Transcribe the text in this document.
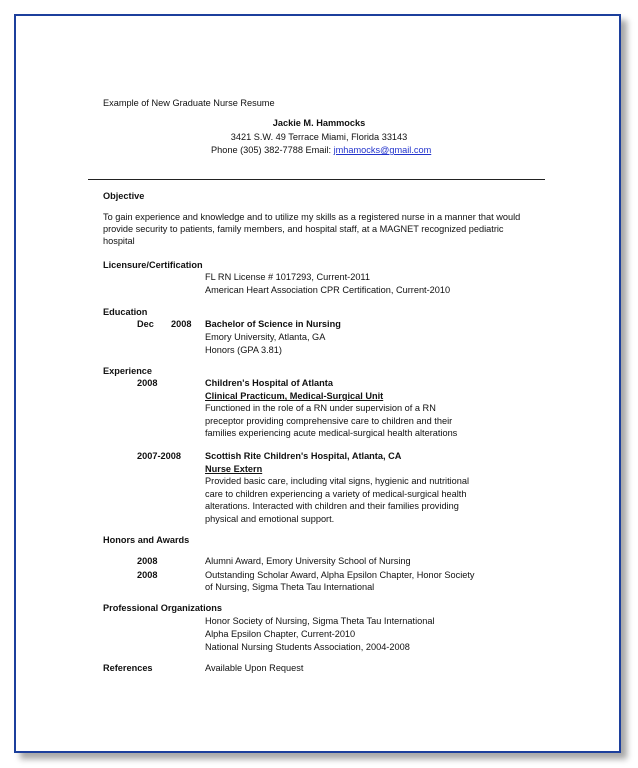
Example of New Graduate Nurse Resume
Jackie M. Hammocks
3421 S.W. 49 Terrace Miami, Florida 33143
Phone (305) 382-7788 Email: jmhamocks@gmail.com
Objective
To gain experience and knowledge and to utilize my skills as a registered nurse in a manner that would
provide security to patients, family members, and hospital staff, at a MAGNET recognized pediatric
hospital
Licensure/Certification
FL RN License # 1017293, Current-2011
American Heart Association CPR Certification, Current-2010
Education
Dec 2008 Bachelor of Science in Nursing
Emory University, Atlanta, GA
Honors (GPA 3.81)
Experience
2008	Children's Hospital of Atlanta
Clinical Practicum, Medical-Surgical Unit
Functioned in the role of a RN under supervision of a RN
preceptor providing comprehensive care to children and their
families experiencing acute medical-surgical health alterations
2007-2008	Scottish Rite Children's Hospital, Atlanta, CA
Nurse Extern
Provided basic care, including vital signs, hygienic and nutritional
care to children experiencing a variety of medical-surgical health
alterations. Interacted with children and their families providing
physical and emotional support.
Honors and Awards
2008	Alumni Award, Emory University School of Nursing
2008	Outstanding Scholar Award, Alpha Epsilon Chapter, Honor Society
of Nursing, Sigma Theta Tau International
Professional Organizations
Honor Society of Nursing, Sigma Theta Tau International
Alpha Epsilon Chapter, Current-2010
National Nursing Students Association, 2004-2008
References	Available Upon Request
